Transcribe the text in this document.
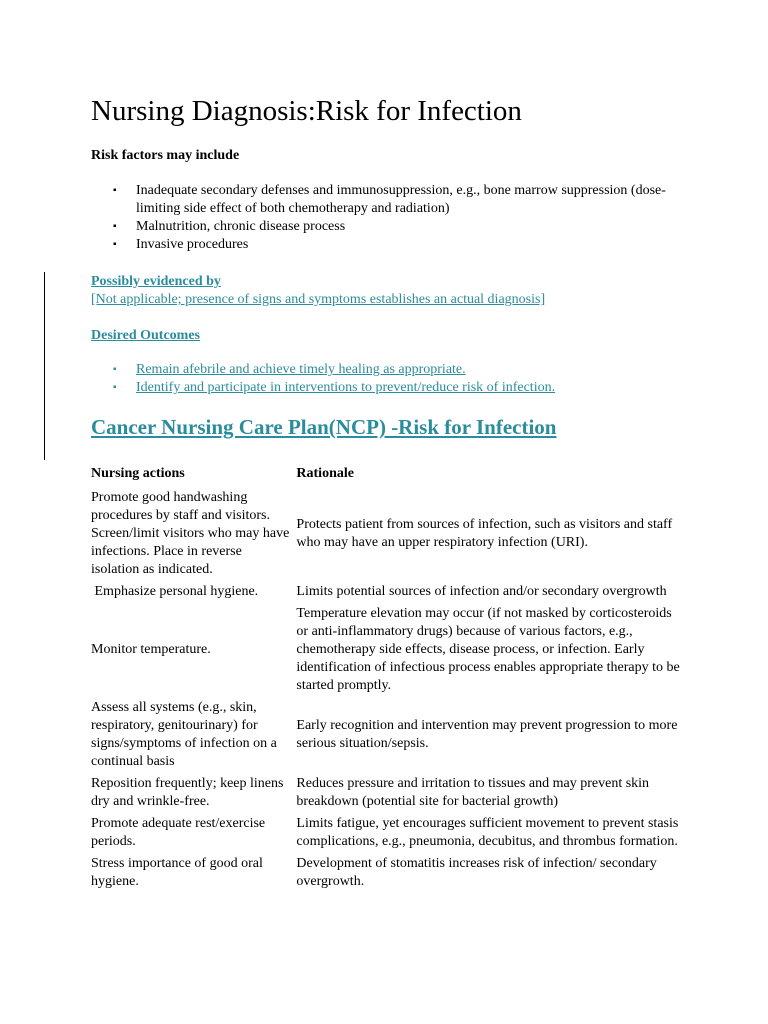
Nursing Diagnosis:Risk for Infection

Risk factors may include

▪ Inadequate secondary defenses and immunosuppression, e.g., bone marrow suppression (dose-limiting side effect of both chemotherapy and radiation)
▪ Malnutrition, chronic disease process
▪ Invasive procedures
Possibly evidenced by
[Not applicable; presence of signs and symptoms establishes an actual diagnosis]
Desired Outcomes
▪ Remain afebrile and achieve timely healing as appropriate.
▪ Identify and participate in interventions to prevent/reduce risk of infection.
Cancer Nursing Care Plan(NCP) -Risk for Infection
Nursing actions	Rationale
Promote good handwashing procedures by staff and visitors. Screen/limit visitors who may have infections. Place in reverse isolation as indicated.	Protects patient from sources of infection, such as visitors and staff who may have an upper respiratory infection (URI).
Emphasize personal hygiene.	Limits potential sources of infection and/or secondary overgrowth
Monitor temperature.	Temperature elevation may occur (if not masked by corticosteroids or anti-inflammatory drugs) because of various factors, e.g., chemotherapy side effects, disease process, or infection. Early identification of infectious process enables appropriate therapy to be started promptly.
Assess all systems (e.g., skin, respiratory, genitourinary) for signs/symptoms of infection on a continual basis	Early recognition and intervention may prevent progression to more serious situation/sepsis.
Reposition frequently; keep linens dry and wrinkle-free.	Reduces pressure and irritation to tissues and may prevent skin breakdown (potential site for bacterial growth)
Promote adequate rest/exercise periods.	Limits fatigue, yet encourages sufficient movement to prevent stasis complications, e.g., pneumonia, decubitus, and thrombus formation.
Stress importance of good oral hygiene.	Development of stomatitis increases risk of infection/ secondary overgrowth.
